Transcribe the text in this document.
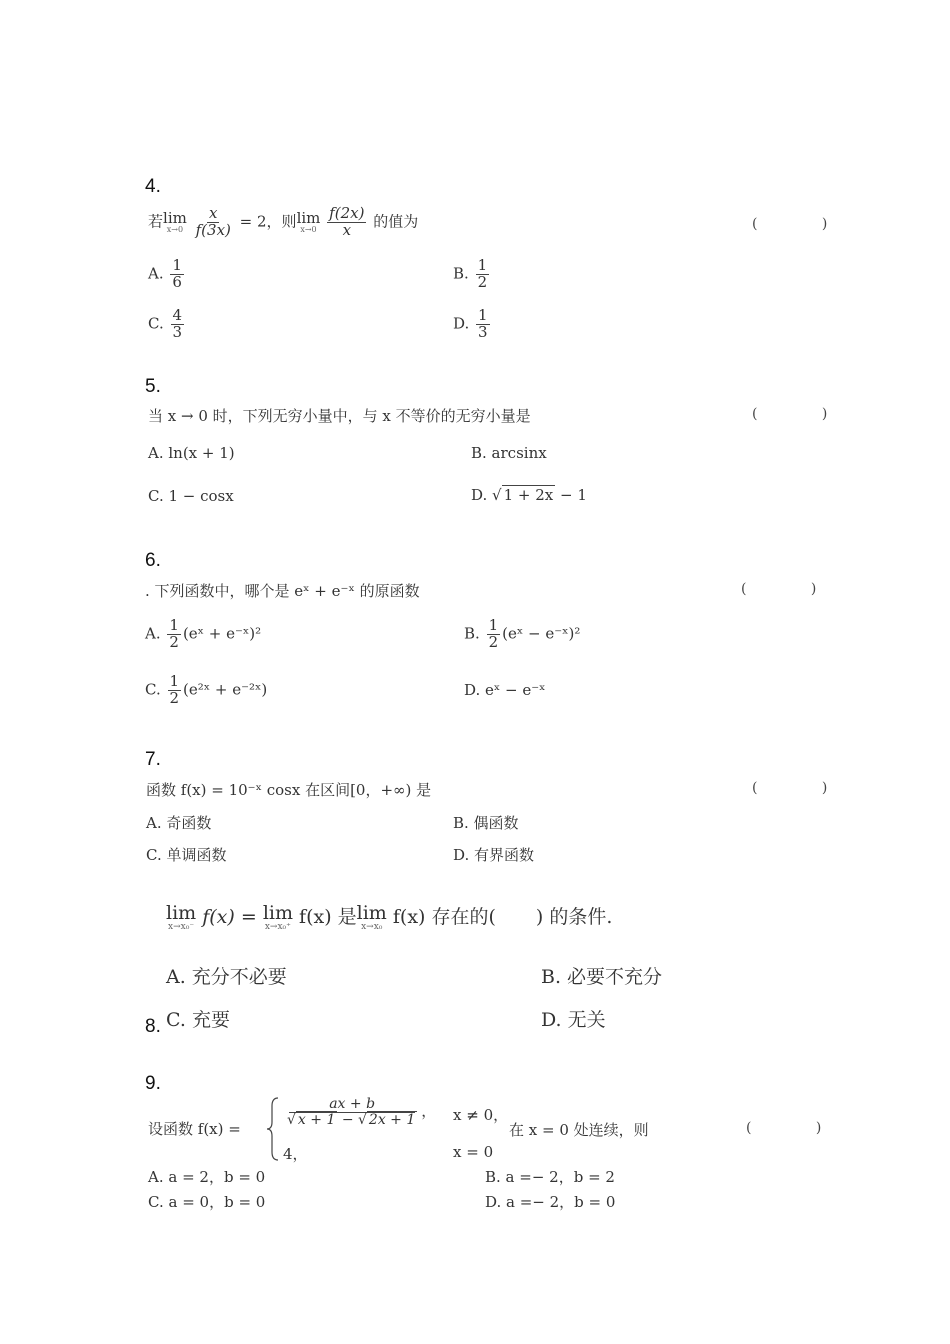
4.
若 lim
x→0
$\frac{x}{f(3x)} = 2$，则 lim
x→0
$\frac{f(2x)}{x}$ 的值为	( )
A. $\frac{1}{6}$	B. $\frac{1}{2}$
C. $\frac{4}{3}$	D. $\frac{1}{3}$
5.
当 x → 0 时，下列无穷小量中，与 x 不等价的无穷小量是	( )
A. ln(x + 1)	B. arcsinx
C. 1 − cosx	D. √ 1 + 2x − 1
6.
. 下列函数中，哪个是 eˣ + e⁻ˣ 的原函数	( )
A. $\frac{1}{2}$ (eˣ + e⁻ˣ)²	B. $\frac{1}{2}$ (eˣ − e⁻ˣ)²
C. $\frac{1}{2}$ (e²ˣ + e⁻²ˣ)	D. eˣ − e⁻ˣ
7.
函数 f(x) = 10⁻ˣ cosx 在区间[0，+∞) 是	( )
A. 奇函数	B. 偶函数
C. 单调函数	D. 有界函数
lim
x→x₀⁻ f(x) = lim
x→x₀⁺ f(x) 是 lim
x→x₀ f(x) 存在的( ) 的条件.
A. 充分不必要	B. 必要不充分
C. 充要	D. 无关
8.
9.
设函数 f(x) =
$\frac{ax + b}{√ x + 1 - √ 2x + 1}$ ， x ≠ 0，
4，	x = 0
在 x = 0 处连续，则	( )
A. a = 2，b = 0	B. a =− 2，b = 2
C. a = 0，b = 0	D. a =− 2，b = 0
